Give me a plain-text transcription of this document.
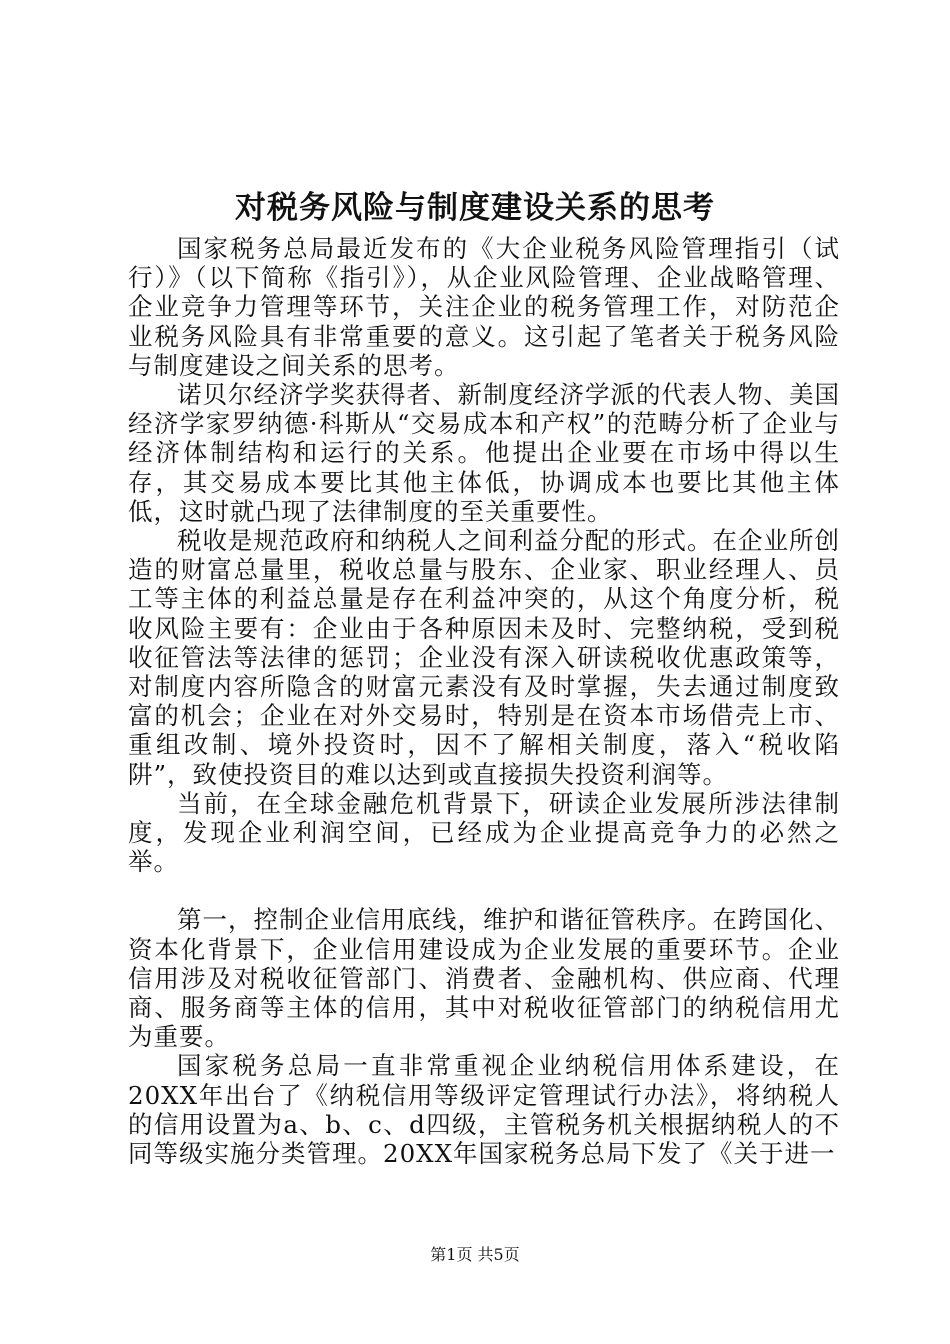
对税务风险与制度建设关系的思考

国家税务总局最近发布的《大企业税务风险管理指引（试行）》（以下简称《指引》），从企业风险管理、企业战略管理、企业竞争力管理等环节，关注企业的税务管理工作，对防范企业税务风险具有非常重要的意义。这引起了笔者关于税务风险与制度建设之间关系的思考。

诺贝尔经济学奖获得者、新制度经济学派的代表人物、美国经济学家罗纳德·科斯从“交易成本和产权”的范畴分析了企业与经济体制结构和运行的关系。他提出企业要在市场中得以生存，其交易成本要比其他主体低，协调成本也要比其他主体低，这时就凸现了法律制度的至关重要性。

税收是规范政府和纳税人之间利益分配的形式。在企业所创造的财富总量里，税收总量与股东、企业家、职业经理人、员工等主体的利益总量是存在利益冲突的，从这个角度分析，税收风险主要有：企业由于各种原因未及时、完整纳税，受到税收征管法等法律的惩罚；企业没有深入研读税收优惠政策等，对制度内容所隐含的财富元素没有及时掌握，失去通过制度致富的机会；企业在对外交易时，特别是在资本市场借壳上市、重组改制、境外投资时，因不了解相关制度，落入“税收陷阱”，致使投资目的难以达到或直接损失投资利润等。

当前，在全球金融危机背景下，研读企业发展所涉法律制度，发现企业利润空间，已经成为企业提高竞争力的必然之举。

第一，控制企业信用底线，维护和谐征管秩序。在跨国化、资本化背景下，企业信用建设成为企业发展的重要环节。企业信用涉及对税收征管部门、消费者、金融机构、供应商、代理商、服务商等主体的信用，其中对税收征管部门的纳税信用尤为重要。

国家税务总局一直非常重视企业纳税信用体系建设，在20XX年出台了《纳税信用等级评定管理试行办法》，将纳税人的信用设置为a、b、c、d四级，主管税务机关根据纳税人的不同等级实施分类管理。20XX年国家税务总局下发了《关于进一

第1页 共5页
